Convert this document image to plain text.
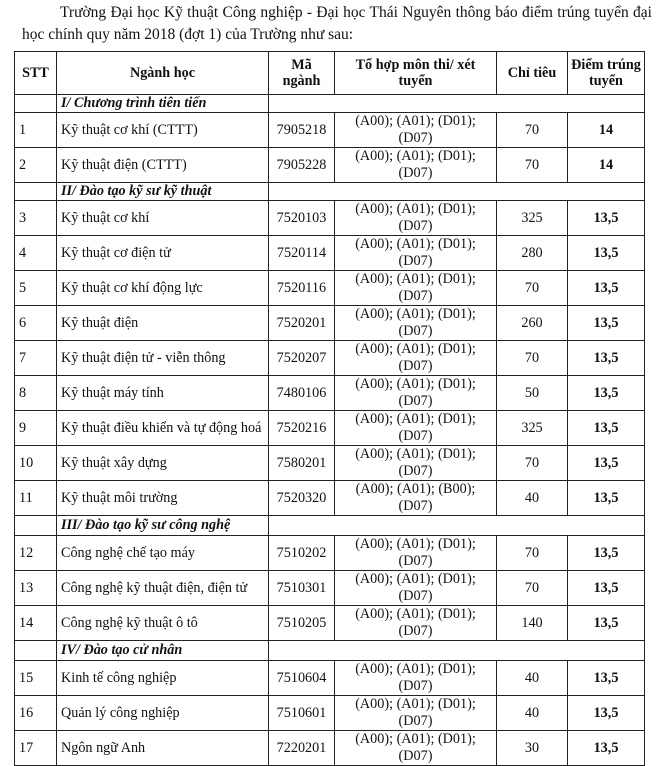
Trường Đại học Kỹ thuật Công nghiệp - Đại học Thái Nguyên thông báo điểm trúng tuyển đại học chính quy năm 2018 (đợt 1) của Trường như sau:
STT	Ngành học	Mã ngành	Tổ hợp môn thi/ xét tuyển	Chỉ tiêu	Điểm trúng tuyển
	I/ Chương trình tiên tiến				
1	Kỹ thuật cơ khí (CTTT)	7905218	(A00); (A01); (D01); (D07)	70	14
2	Kỹ thuật điện (CTTT)	7905228	(A00); (A01); (D01); (D07)	70	14
	II/ Đào tạo kỹ sư kỹ thuật				
3	Kỹ thuật cơ khí	7520103	(A00); (A01); (D01); (D07)	325	13,5
4	Kỹ thuật cơ điện tử	7520114	(A00); (A01); (D01); (D07)	280	13,5
5	Kỹ thuật cơ khí động lực	7520116	(A00); (A01); (D01); (D07)	70	13,5
6	Kỹ thuật điện	7520201	(A00); (A01); (D01); (D07)	260	13,5
7	Kỹ thuật điện tử - viễn thông	7520207	(A00); (A01); (D01); (D07)	70	13,5
8	Kỹ thuật máy tính	7480106	(A00); (A01); (D01); (D07)	50	13,5
9	Kỹ thuật điều khiển và tự động hoá	7520216	(A00); (A01); (D01); (D07)	325	13,5
10	Kỹ thuật xây dựng	7580201	(A00); (A01); (D01); (D07)	70	13,5
11	Kỹ thuật môi trường	7520320	(A00); (A01); (B00); (D07)	40	13,5
	III/ Đào tạo kỹ sư công nghệ				
12	Công nghệ chế tạo máy	7510202	(A00); (A01); (D01); (D07)	70	13,5
13	Công nghệ kỹ thuật điện, điện tử	7510301	(A00); (A01); (D01); (D07)	70	13,5
14	Công nghệ kỹ thuật ô tô	7510205	(A00); (A01); (D01); (D07)	140	13,5
	IV/ Đào tạo cử nhân				
15	Kinh tế công nghiệp	7510604	(A00); (A01); (D01); (D07)	40	13,5
16	Quản lý công nghiệp	7510601	(A00); (A01); (D01); (D07)	40	13,5
17	Ngôn ngữ Anh	7220201	(A00); (A01); (D01); (D07)	30	13,5
